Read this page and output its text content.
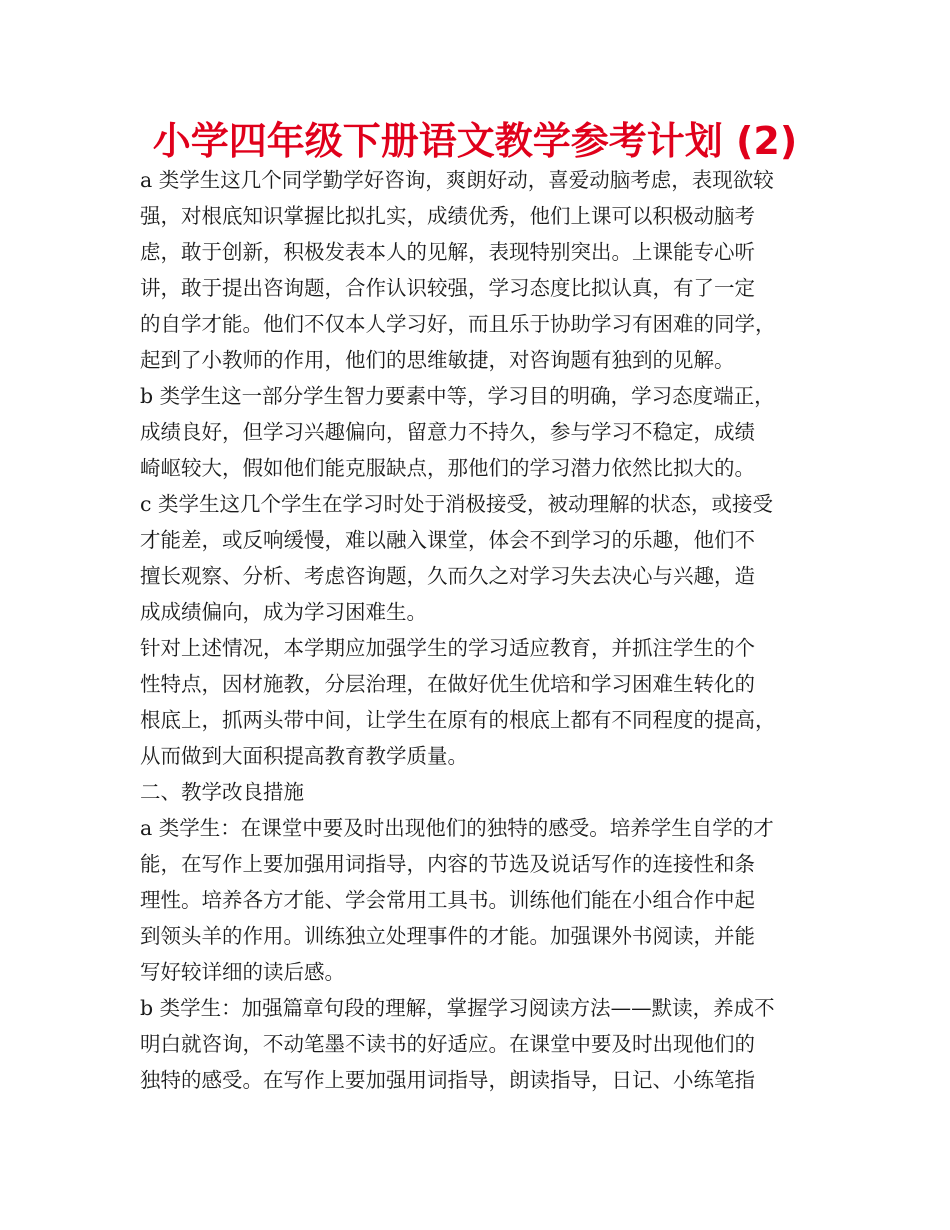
小学四年级下册语文教学参考计划 (2)
a 类学生这几个同学勤学好咨询，爽朗好动，喜爱动脑考虑，表现欲较
强，对根底知识掌握比拟扎实，成绩优秀，他们上课可以积极动脑考
虑，敢于创新，积极发表本人的见解，表现特别突出。上课能专心听
讲，敢于提出咨询题，合作认识较强，学习态度比拟认真，有了一定
的自学才能。他们不仅本人学习好，而且乐于协助学习有困难的同学，
起到了小教师的作用，他们的思维敏捷，对咨询题有独到的见解。
b 类学生这一部分学生智力要素中等，学习目的明确，学习态度端正，
成绩良好，但学习兴趣偏向，留意力不持久，参与学习不稳定，成绩
崎岖较大，假如他们能克服缺点，那他们的学习潜力依然比拟大的。
c 类学生这几个学生在学习时处于消极接受，被动理解的状态，或接受
才能差，或反响缓慢，难以融入课堂，体会不到学习的乐趣，他们不
擅长观察、分析、考虑咨询题，久而久之对学习失去决心与兴趣，造
成成绩偏向，成为学习困难生。
针对上述情况，本学期应加强学生的学习适应教育，并抓注学生的个
性特点，因材施教，分层治理，在做好优生优培和学习困难生转化的
根底上，抓两头带中间，让学生在原有的根底上都有不同程度的提高，
从而做到大面积提高教育教学质量。
二、教学改良措施
a 类学生：在课堂中要及时出现他们的独特的感受。培养学生自学的才
能，在写作上要加强用词指导，内容的节选及说话写作的连接性和条
理性。培养各方才能、学会常用工具书。训练他们能在小组合作中起
到领头羊的作用。训练独立处理事件的才能。加强课外书阅读，并能
写好较详细的读后感。
b 类学生：加强篇章句段的理解，掌握学习阅读方法——默读，养成不
明白就咨询，不动笔墨不读书的好适应。在课堂中要及时出现他们的
独特的感受。在写作上要加强用词指导，朗读指导，日记、小练笔指
